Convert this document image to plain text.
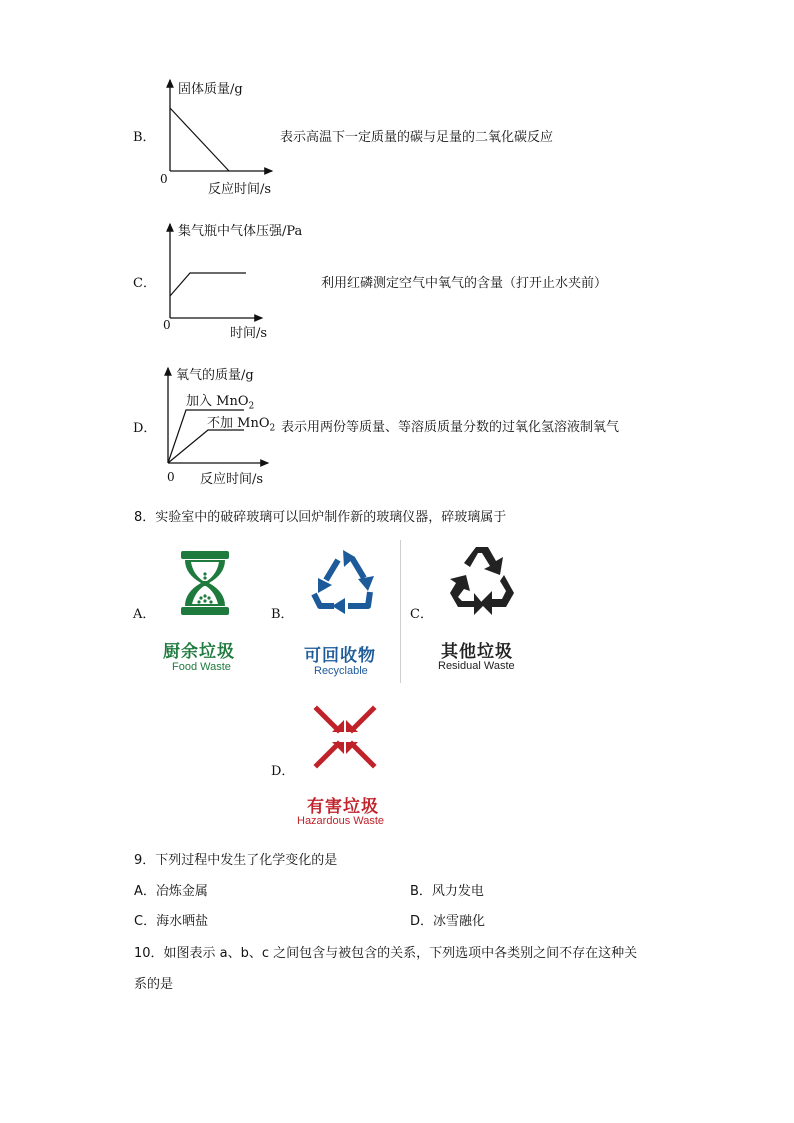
B．
固体质量/g
0
反应时间/s
表示高温下一定质量的碳与足量的二氧化碳反应
C．
集气瓶中气体压强/Pa
0
时间/s
利用红磷测定空气中氧气的含量（打开止水夹前）
D．
氧气的质量/g
0 反应时间/s
加入 MnO$_2$
不加 MnO$_2$ 表示用两份等质量、等溶质质量分数的过氧化氢溶液制氧气
8．实验室中的破碎玻璃可以回炉制作新的玻璃仪器，碎玻璃属于
A．
厨余垃圾
Food Waste
B．
可回收物
Recyclable
C．
其他垃圾
Residual Waste
D．
有害垃圾
Hazardous Waste
9．下列过程中发生了化学变化的是
A．冶炼金属	B．风力发电
C．海水晒盐	D．冰雪融化
10．如图表示 a、b、c 之间包含与被包含的关系，下列选项中各类别之间不存在这种关
系的是
